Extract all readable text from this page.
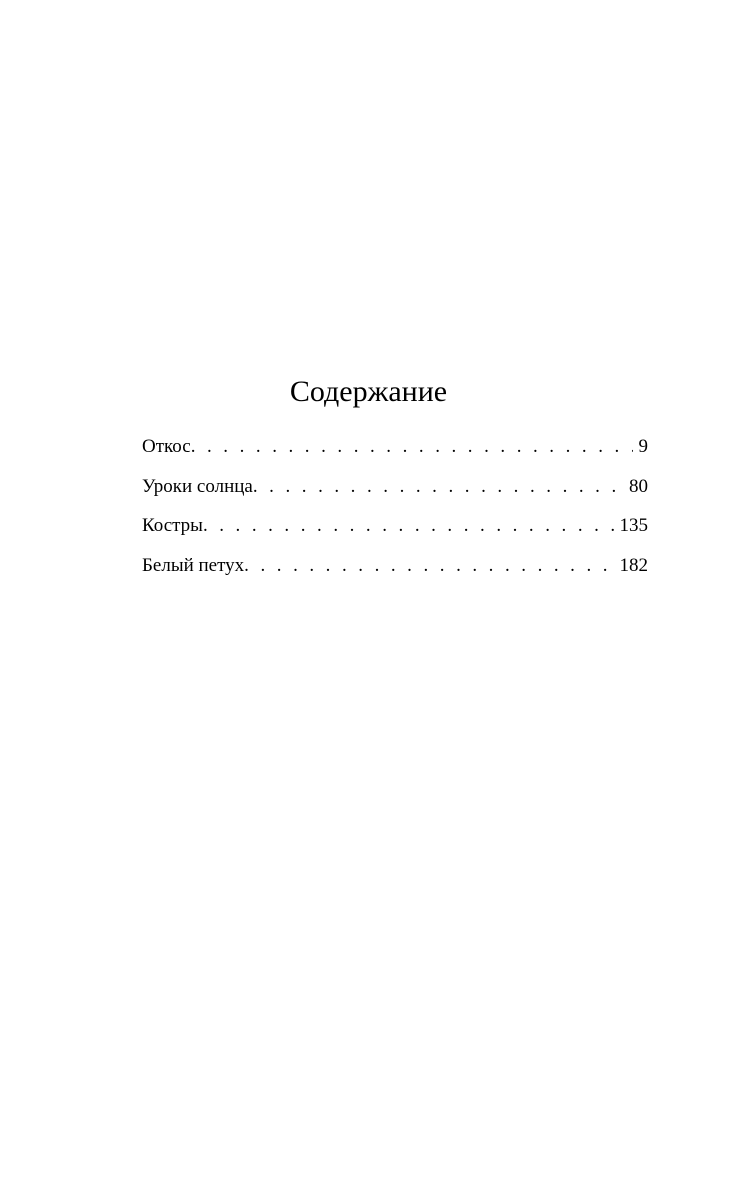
Содержание
Откос . . .	9
Уроки солнца . . .	80
Костры . . .	135
Белый петух . . .	182
